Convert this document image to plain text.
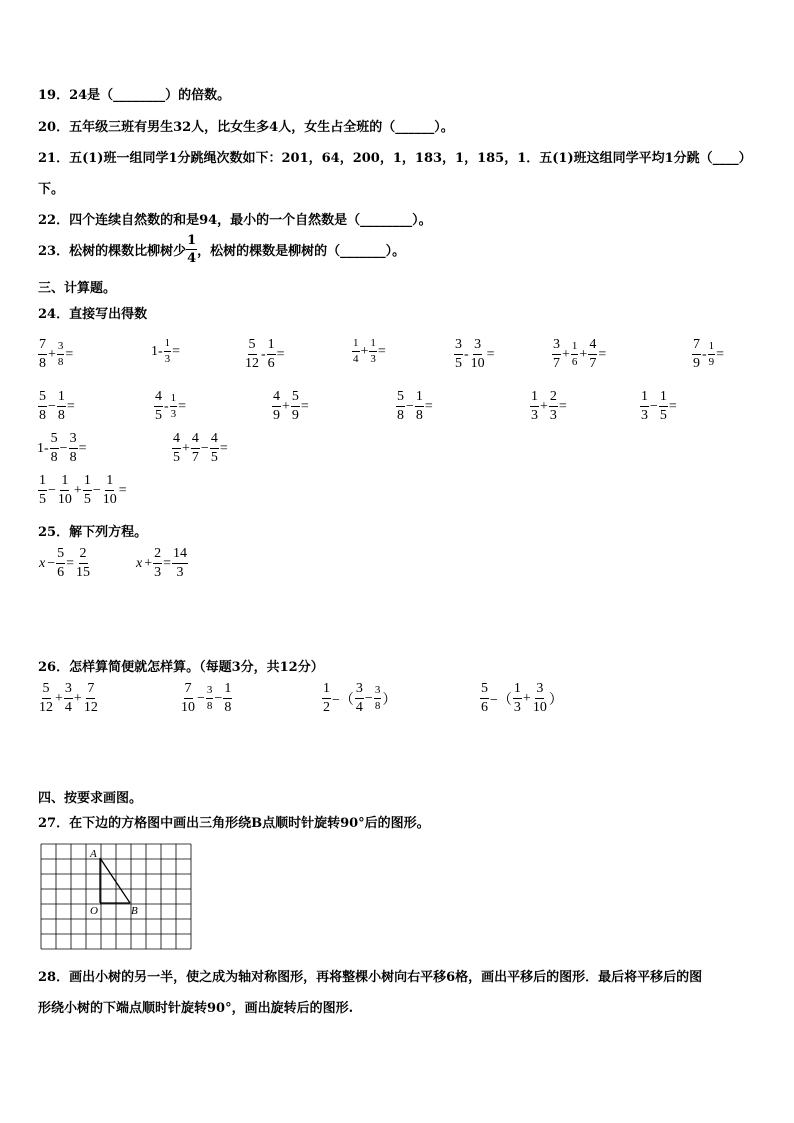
19．24是（________）的倍数。
20．五年级三班有男生32人，比女生多4人，女生占全班的（______）。
21．五(1)班一组同学1分跳绳次数如下：201，64，200，1，183，1，185，1．五(1)班这组同学平均1分跳（____）
下。
22．四个连续自然数的和是94，最小的一个自然数是（________）。
23．松树的棵数比柳树少 $\frac{1}{4}$ ，松树的棵数是柳树的（_______）。
三、计算题。
24．直接写出得数
$\frac{7}{8} + \frac{3}{8}$ =	$1- \frac{1}{3}$ =	$\frac{5}{12} - \frac{1}{6}$ =	$\frac{1}{4} + \frac{1}{3}$ =	$\frac{3}{5} - \frac{3}{10}$ =	$\frac{3}{7} + \frac{1}{6} + \frac{4}{7}$ =	$\frac{7}{9} - \frac{1}{9}$ =
$\frac{5}{8} - \frac{1}{8}$ =	$\frac{4}{5} - \frac{1}{3}$ =	$\frac{4}{9} + \frac{5}{9}$ =	$\frac{5}{8} - \frac{1}{8}$ =	$\frac{1}{3} + \frac{2}{3}$ =	$\frac{1}{3} - \frac{1}{5}$ =
$1- \frac{5}{8} - \frac{3}{8}$ =	$\frac{4}{5} + \frac{4}{7} - \frac{4}{5}$ =
$\frac{1}{5} - \frac{1}{10} + \frac{1}{5} - \frac{1}{10}$ =
25．解下列方程。
$x - \frac{5}{6} = \frac{2}{15}$	$x + \frac{2}{3} = \frac{14}{3}$
26．怎样算简便就怎样算。（每题3分，共12分）
$\frac{5}{12} + \frac{3}{4} + \frac{7}{12}$	$\frac{7}{10} - \frac{3}{8} - \frac{1}{8}$	$\frac{1}{2}$ −（ $\frac{3}{4} - \frac{3}{8}$ ）	$\frac{5}{6}$ −（ $\frac{1}{3} + \frac{3}{10}$ ）
四、按要求画图。
27．在下边的方格图中画出三角形绕B点顺时针旋转90°后的图形。
A
O	B
28．画出小树的另一半，使之成为轴对称图形，再将整棵小树向右平移6格，画出平移后的图形．最后将平移后的图
形绕小树的下端点顺时针旋转90°，画出旋转后的图形.
